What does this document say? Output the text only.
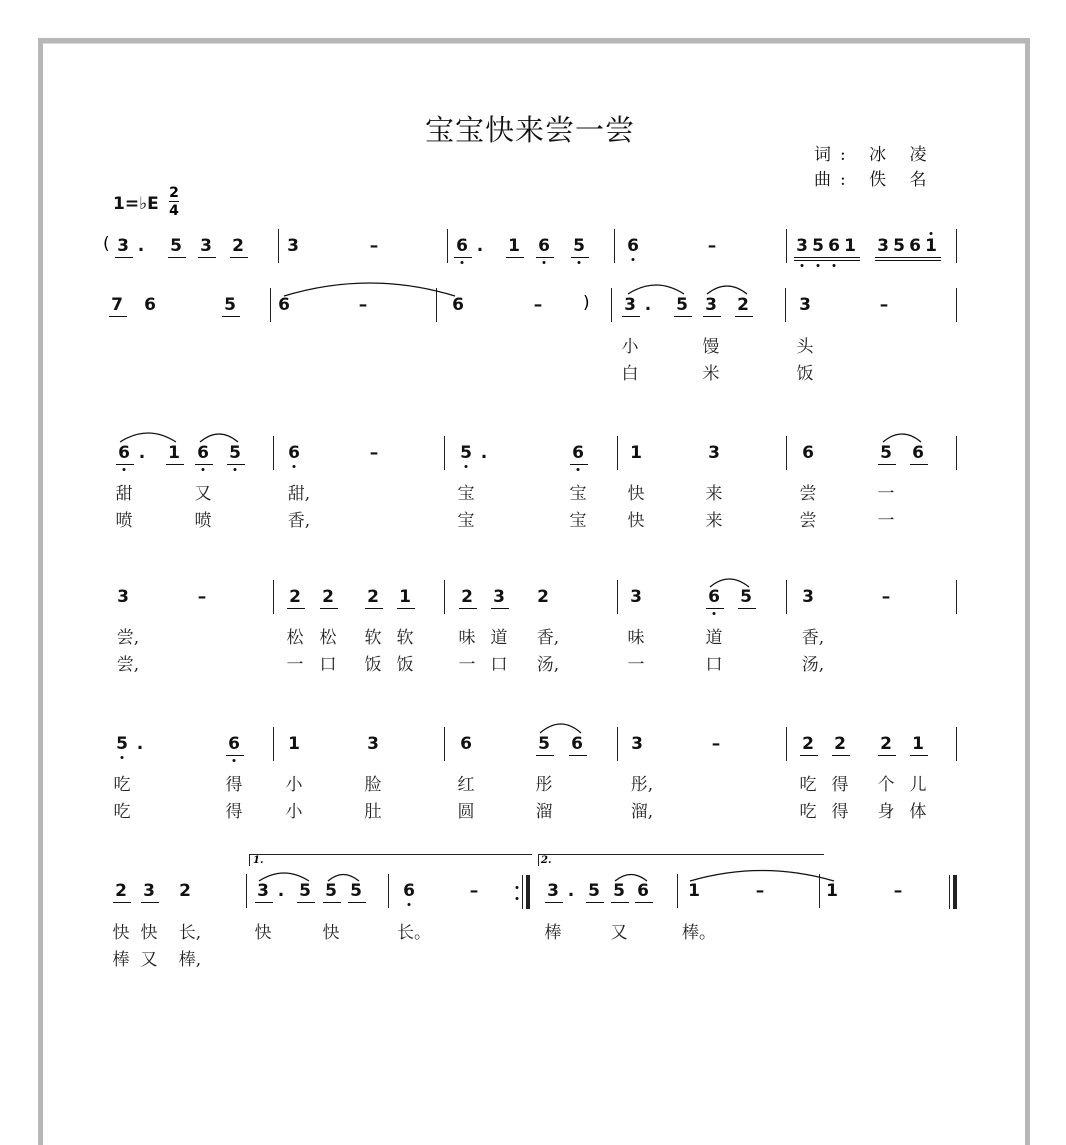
宝宝快来尝一尝
词: 冰 凌
曲: 佚 名
1=♭E
2
4
3 . 5 3 2	3	–	6 . 1 6 5 6	–	3 5 6 1 3 5 6 1
(
7 6	5 6	–	6	–	3 . 5 3 2	3	–
)
6 . 1 6 5	6	–	5 .	6	1	3	6	5 6
3	–	2 2 2 1	2 3 2	3	6 5	3	–
5 .	6	1	3	6	5 6	3	–	2 2 2 1
2 3 2	3 . 5 5 5 6	–	3 . 5 5 6 1	–	1	–
小	馒	头
白	米	饭
甜	又	甜,	宝	宝 快	来	尝	一
喷	喷	香,	宝	宝 快	来	尝	一
尝,	松 松 软 软	味 道 香,	味	道	香,
尝,	一 口 饭 饭	一 口 汤,	一	口	汤,
吃	得	小	脸	红	彤	彤,	吃 得 个 儿
吃	得	小	肚	圆	溜	溜,	吃 得 身 体
快 快 长,	快	快	长。	棒	又	棒。
棒 又 棒,
1.	2.
